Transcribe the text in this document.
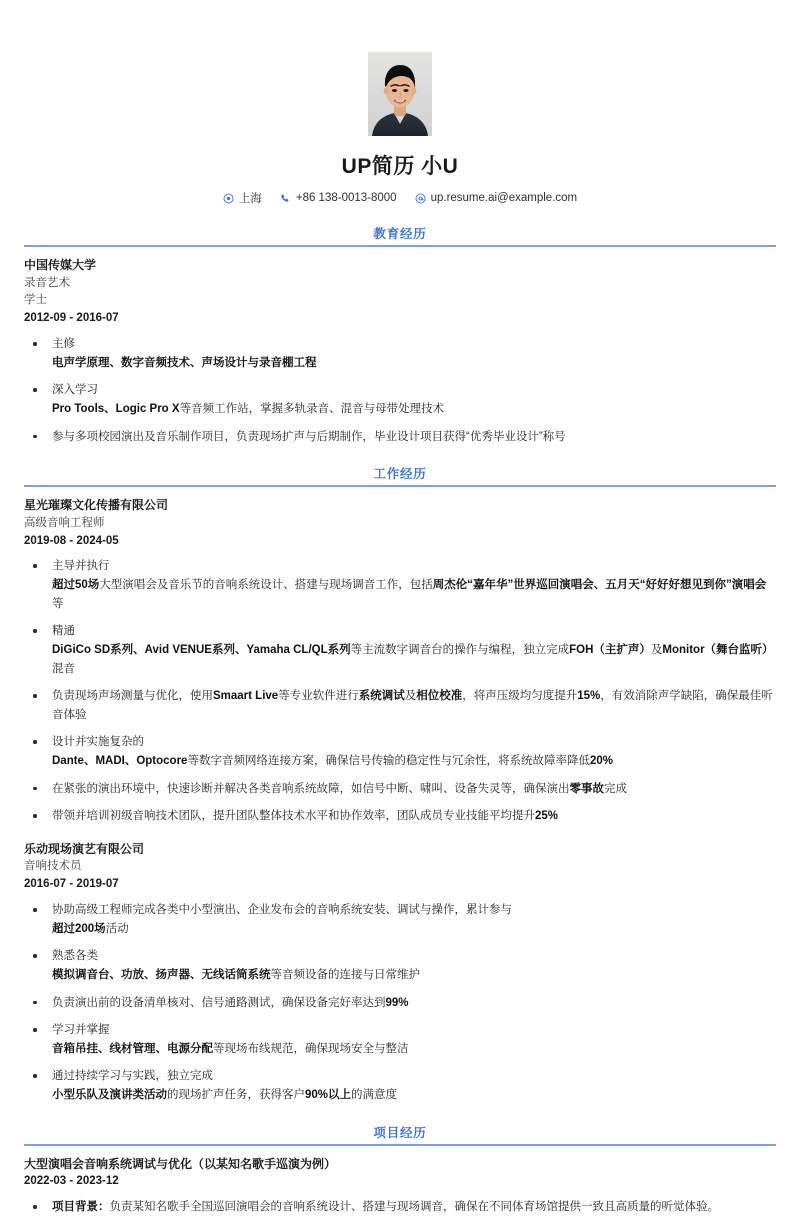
UP简历 小U
上海	+86 138-0013-8000	up.resume.ai@example.com
教育经历
中国传媒大学
录音艺术
学士
2012-09 - 2016-07
主修
电声学原理、数字音频技术、声场设计与录音棚工程
深入学习
Pro Tools、Logic Pro X等音频工作站，掌握多轨录音、混音与母带处理技术
参与多项校园演出及音乐制作项目，负责现场扩声与后期制作，毕业设计项目获得“优秀毕业设计”称号
工作经历
星光璀璨文化传播有限公司
高级音响工程师
2019-08 - 2024-05
主导并执行
超过50场大型演唱会及音乐节的音响系统设计、搭建与现场调音工作，包括周杰伦“嘉年华”世界巡回演唱会、五月天“好好好想见到你”演唱会等
精通
DiGiCo SD系列、Avid VENUE系列、Yamaha CL/QL系列等主流数字调音台的操作与编程，独立完成FOH（主扩声）及Monitor（舞台监听）混音
负责现场声场测量与优化，使用Smaart Live等专业软件进行系统调试及相位校准，将声压级均匀度提升15%，有效消除声学缺陷，确保最佳听音体验
设计并实施复杂的
Dante、MADI、Optocore等数字音频网络连接方案，确保信号传输的稳定性与冗余性，将系统故障率降低20%
在紧张的演出环境中，快速诊断并解决各类音响系统故障，如信号中断、啸叫、设备失灵等，确保演出零事故完成
带领并培训初级音响技术团队，提升团队整体技术水平和协作效率，团队成员专业技能平均提升25%
乐动现场演艺有限公司
音响技术员
2016-07 - 2019-07
协助高级工程师完成各类中小型演出、企业发布会的音响系统安装、调试与操作，累计参与
超过200场活动
熟悉各类
模拟调音台、功放、扬声器、无线话筒系统等音频设备的连接与日常维护
负责演出前的设备清单核对、信号通路测试，确保设备完好率达到99%
学习并掌握
音箱吊挂、线材管理、电源分配等现场布线规范，确保现场安全与整洁
通过持续学习与实践，独立完成
小型乐队及演讲类活动的现场扩声任务，获得客户90%以上的满意度
项目经历
大型演唱会音响系统调试与优化（以某知名歌手巡演为例）
2022-03 - 2023-12
项目背景：负责某知名歌手全国巡回演唱会的音响系统设计、搭建与现场调音，确保在不同体育场馆提供一致且高质量的听觉体验。
